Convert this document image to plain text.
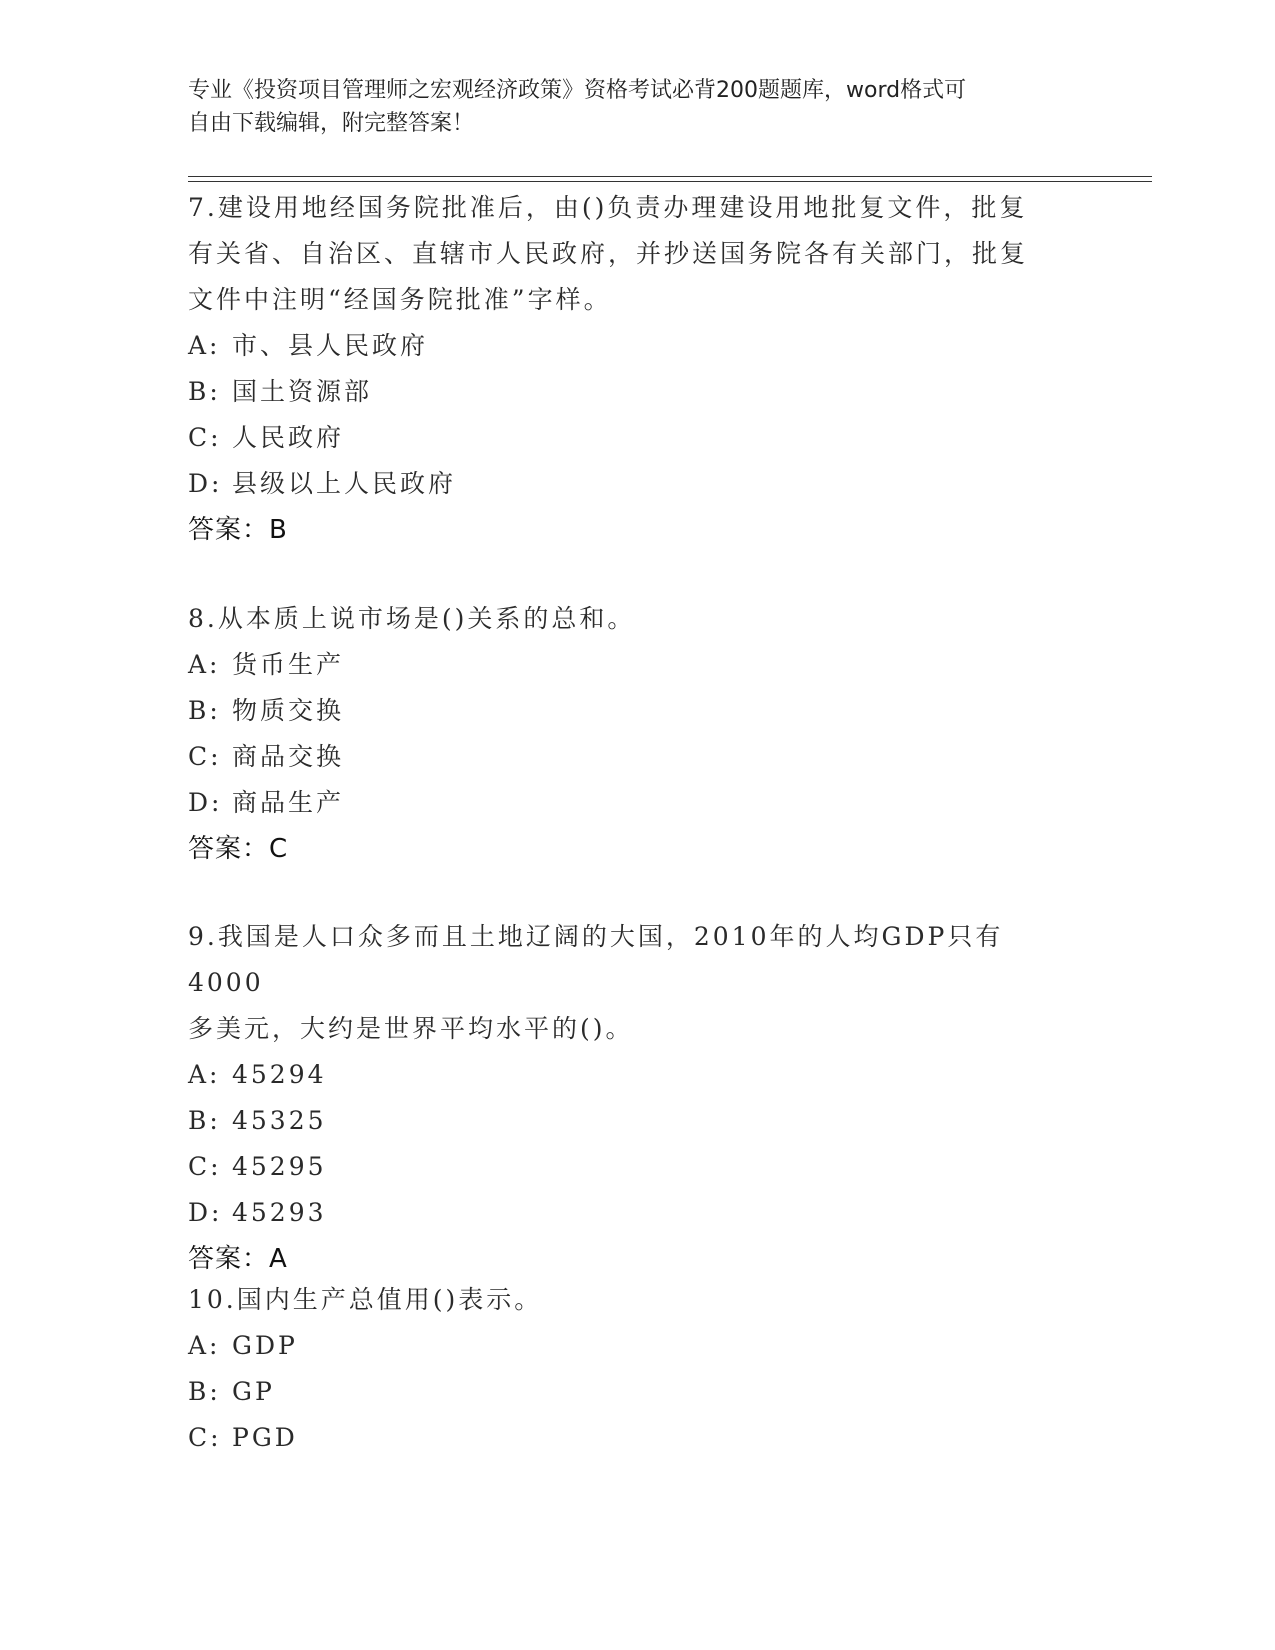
专业《投资项目管理师之宏观经济政策》资格考试必背200题题库，word格式可
自由下载编辑，附完整答案！

7.建设用地经国务院批准后，由()负责办理建设用地批复文件，批复

有关省、自治区、直辖市人民政府，并抄送国务院各有关部门，批复

文件中注明“经国务院批准”字样。

A: 市、县人民政府

B: 国土资源部

C: 人民政府

D: 县级以上人民政府

答案：B

8.从本质上说市场是()关系的总和。

A: 货币生产

B: 物质交换

C: 商品交换

D: 商品生产

答案：C

9.我国是人口众多而且土地辽阔的大国，2010年的人均GDP只有4000

多美元，大约是世界平均水平的()。

A: 45294

B: 45325

C: 45295

D: 45293

答案：A

10.国内生产总值用()表示。

A: GDP

B: GP

C: PGD
